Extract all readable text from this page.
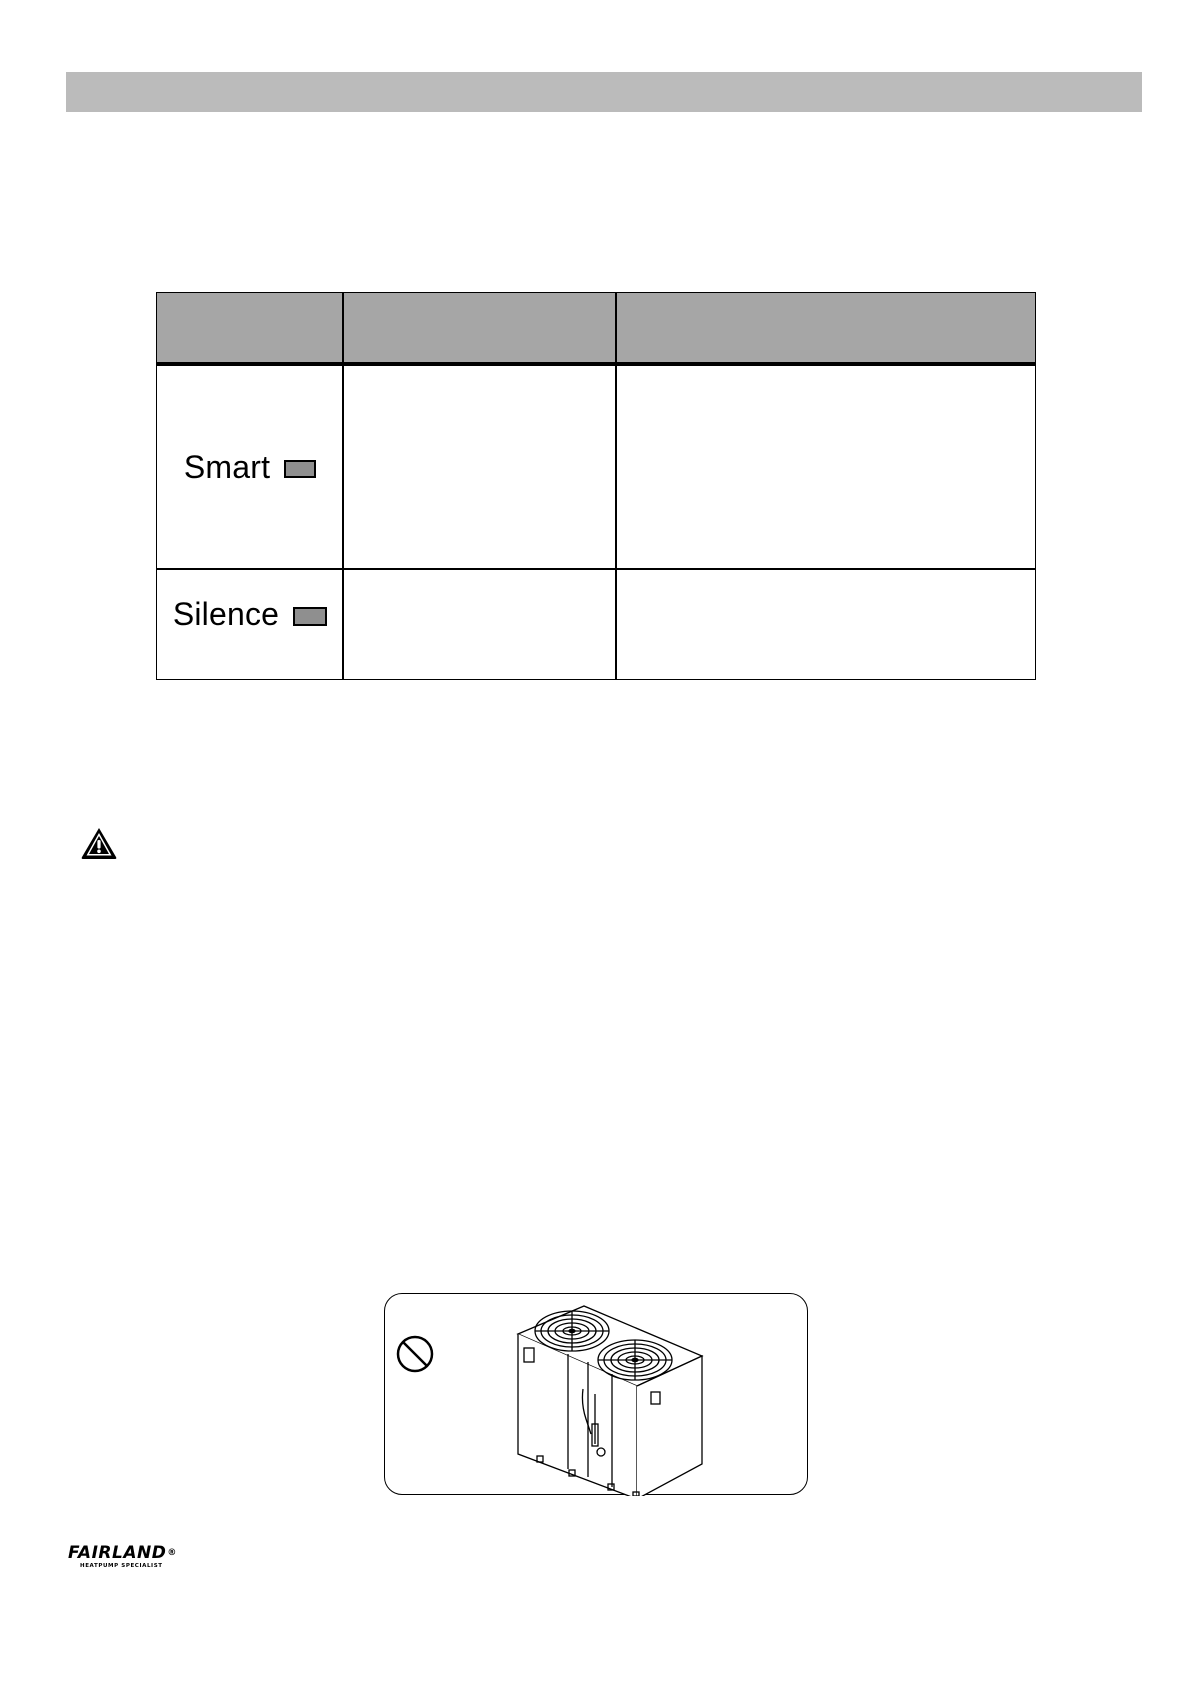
Smart
Silence
FAIRLAND®
HEATPUMP SPECIALIST
